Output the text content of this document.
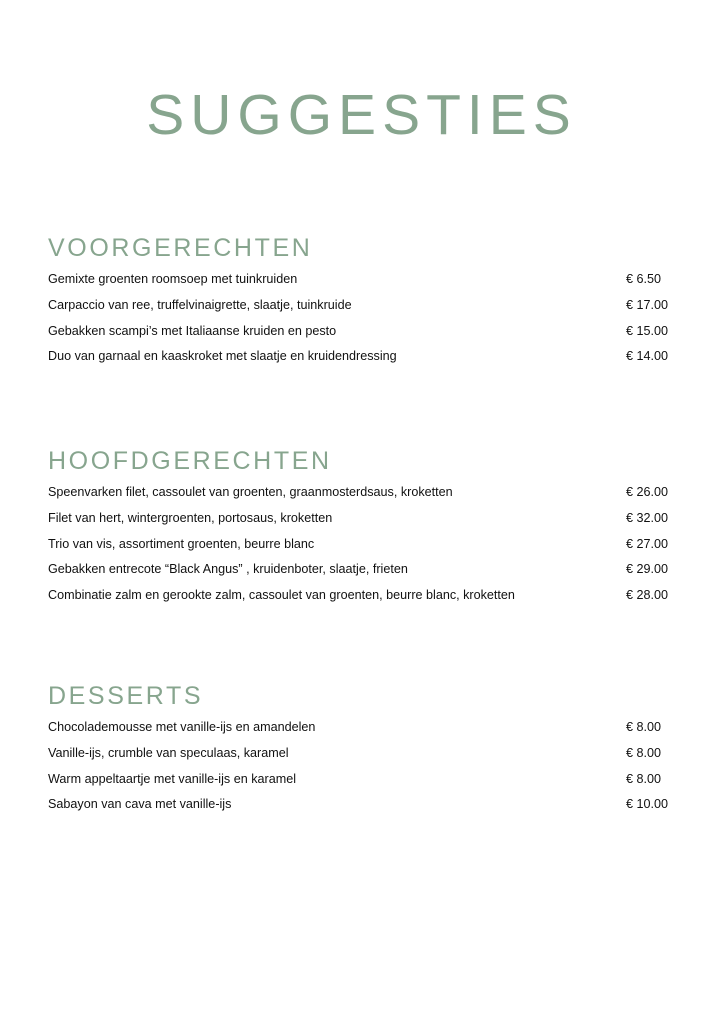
SUGGESTIES
VOORGERECHTEN
Gemixte groenten roomsoep met tuinkruiden	€ 6.50
Carpaccio van ree, truffelvinaigrette, slaatje, tuinkruide	€ 17.00
Gebakken scampi’s met Italiaanse kruiden en pesto	€ 15.00
Duo van garnaal en kaaskroket met slaatje en kruidendressing	€ 14.00
HOOFDGERECHTEN
Speenvarken filet, cassoulet van groenten, graanmosterdsaus, kroketten	€ 26.00
Filet van hert, wintergroenten, portosaus, kroketten	€ 32.00
Trio van vis, assortiment groenten, beurre blanc	€ 27.00
Gebakken entrecote “Black Angus” , kruidenboter, slaatje, frieten	€ 29.00
Combinatie zalm en gerookte zalm, cassoulet van groenten, beurre blanc, kroketten	€ 28.00
DESSERTS
Chocolademousse met vanille-ijs en amandelen	€ 8.00
Vanille-ijs, crumble van speculaas, karamel	€ 8.00
Warm appeltaartje met vanille-ijs en karamel	€ 8.00
Sabayon van cava met vanille-ijs	€ 10.00
